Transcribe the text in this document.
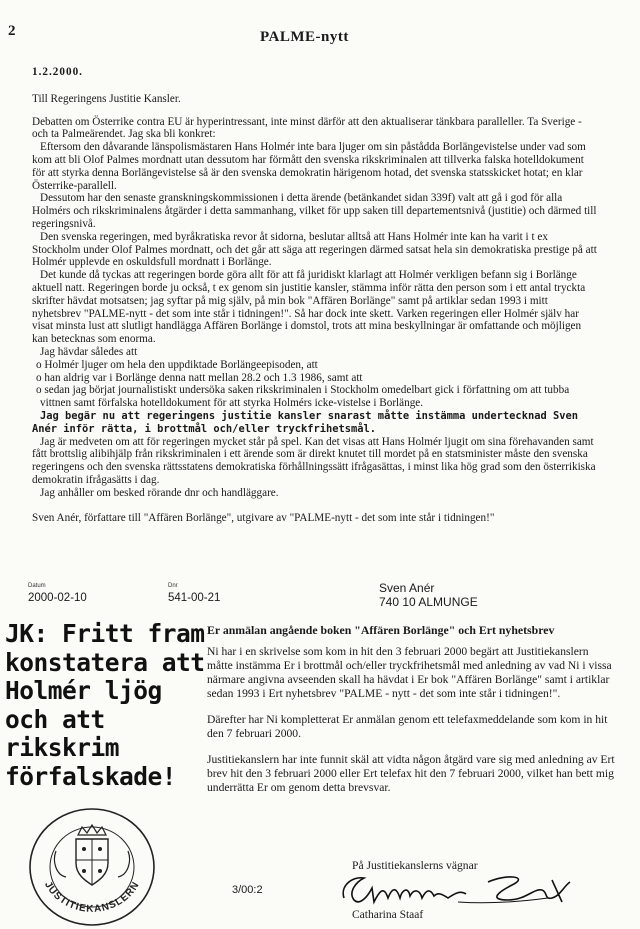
2	PALME-nytt
1.2.2000.
Till Regeringens Justitie Kansler.

Debatten om Österrike contra EU är hyperintressant, inte minst därför att den aktualiserar tänkbara paralleller. Ta Sverige - och ta Palmeärendet. Jag ska bli konkret:

Eftersom den dåvarande länspolismästaren Hans Holmér inte bara ljuger om sin påstådda Borlängevistelse under vad som kom att bli Olof Palmes mordnatt utan dessutom har förmått den svenska rikskriminalen att tillverka falska hotelldokument för att styrka denna Borlängevistelse så är den svenska demokratin härigenom hotad, det svenska statsskicket hotat; en klar Österrike-parallell.

Dessutom har den senaste granskningskommissionen i detta ärende (betänkandet sidan 339f) valt att gå i god för alla Holmérs och rikskriminalens åtgärder i detta sammanhang, vilket för upp saken till departementsnivå (justitie) och därmed till regeringsnivå.

Den svenska regeringen, med byråkratiska revor åt sidorna, beslutar alltså att Hans Holmér inte kan ha varit i t ex Stockholm under Olof Palmes mordnatt, och det går att säga att regeringen därmed satsat hela sin demokratiska prestige på att Holmér upplevde en oskuldsfull mordnatt i Borlänge.

Det kunde då tyckas att regeringen borde göra allt för att få juridiskt klarlagt att Holmér verkligen befann sig i Borlänge aktuell natt. Regeringen borde ju också, t ex genom sin justitie kansler, stämma inför rätta den person som i ett antal tryckta skrifter hävdat motsatsen; jag syftar på mig själv, på min bok "Affären Borlänge" samt på artiklar sedan 1993 i mitt nyhetsbrev "PALME-nytt - det som inte står i tidningen!". Så har dock inte skett. Varken regeringen eller Holmér själv har visat minsta lust att slutligt handlägga Affären Borlänge i domstol, trots att mina beskyllningar är omfattande och möjligen kan betecknas som enorma.

Jag hävdar således att

o Holmér ljuger om hela den uppdiktade Borlängeepisoden, att
o han aldrig var i Borlänge denna natt mellan 28.2 och 1.3 1986, samt att
o sedan jag börjat journalistiskt undersöka saken rikskriminalen i Stockholm omedelbart gick i författning om att tubba vittnen samt förfalska hotelldokument för att styrka Holmérs icke-vistelse i Borlänge.

Jag begär nu att regeringens justitie kansler snarast måtte instämma undertecknad Sven Anér inför rätta, i brottmål och/eller tryckfrihetsmål.

Jag är medveten om att för regeringen mycket står på spel. Kan det visas att Hans Holmér ljugit om sina förehavanden samt fått brottslig alibihjälp från rikskriminalen i ett ärende som är direkt knutet till mordet på en statsminister måste den svenska regeringens och den svenska rättsstatens demokratiska förhållningssätt ifrågasättas, i minst lika hög grad som den österrikiska demokratin ifrågasätts i dag.

Jag anhåller om besked rörande dnr och handläggare.

Sven Anér, författare till "Affären Borlänge", utgivare av "PALME-nytt - det som inte står i tidningen!"

Datum
2000-02-10
Dnr
541-00-21
Sven Anér
740 10 ALMUNGE
JK: Fritt fram
konstatera att
Holmér ljög
och att
rikskrim
förfalskade!
Er anmälan angående boken "Affären Borlänge" och Ert nyhetsbrev

Ni har i en skrivelse som kom in hit den 3 februari 2000 begärt att Justitiekanslern måtte instämma Er i brottmål och/eller tryckfrihetsmål med anledning av vad Ni i vissa närmare angivna avseenden skall ha hävdat i Er bok "Affären Borlänge" samt i artiklar sedan 1993 i Ert nyhetsbrev "PALME - nytt - det som inte står i tidningen!".

Därefter har Ni kompletterat Er anmälan genom ett telefaxmeddelande som kom in hit den 7 februari 2000.

Justitiekanslern har inte funnit skäl att vidta någon åtgärd vare sig med anledning av Ert brev hit den 3 februari 2000 eller Ert telefax hit den 7 februari 2000, vilket han bett mig underrätta Er om genom detta brevsvar.

På Justitiekanslerns vägnar
3/00:2
Catharina Staaf
JUSTITIEKANSLERN
